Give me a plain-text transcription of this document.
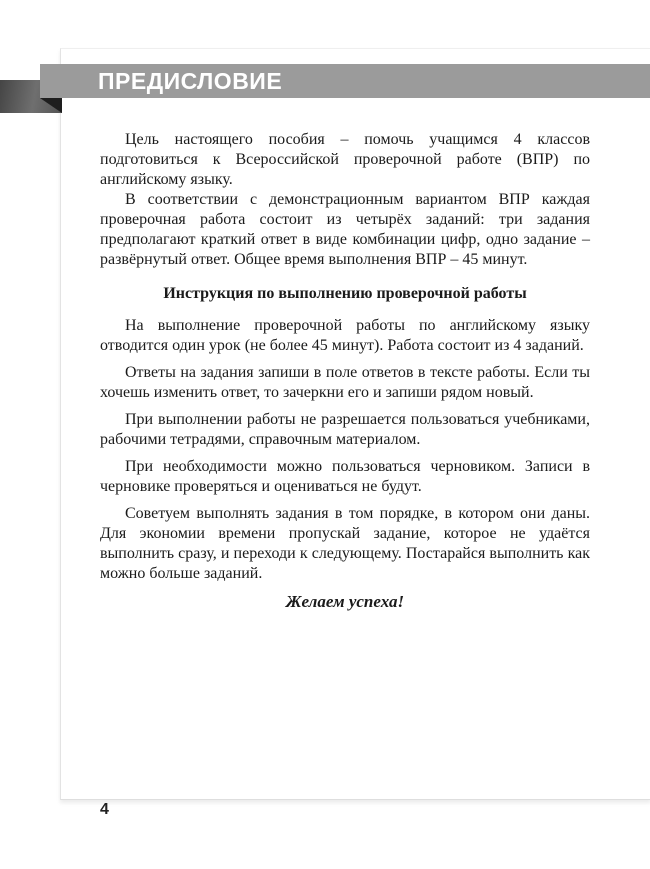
ПРЕДИСЛОВИЕ

Цель настоящего пособия – помочь учащимся 4 классов подготовиться к Всероссийской проверочной работе (ВПР) по английскому языку.

В соответствии с демонстрационным вариантом ВПР каждая проверочная работа состоит из четырёх заданий: три задания предполагают краткий ответ в виде комбинации цифр, одно задание – развёрнутый ответ. Общее время выполнения ВПР – 45 минут.

Инструкция по выполнению проверочной работы

На выполнение проверочной работы по английскому языку отводится один урок (не более 45 минут). Работа состоит из 4 заданий.

Ответы на задания запиши в поле ответов в тексте работы. Если ты хочешь изменить ответ, то зачеркни его и запиши рядом новый.

При выполнении работы не разрешается пользоваться учебниками, рабочими тетрадями, справочным материалом.

При необходимости можно пользоваться черновиком. Записи в черновике проверяться и оцениваться не будут.

Советуем выполнять задания в том порядке, в котором они даны. Для экономии времени пропускай задание, которое не удаётся выполнить сразу, и переходи к следующему. Постарайся выполнить как можно больше заданий.

Желаем успеха!

4
